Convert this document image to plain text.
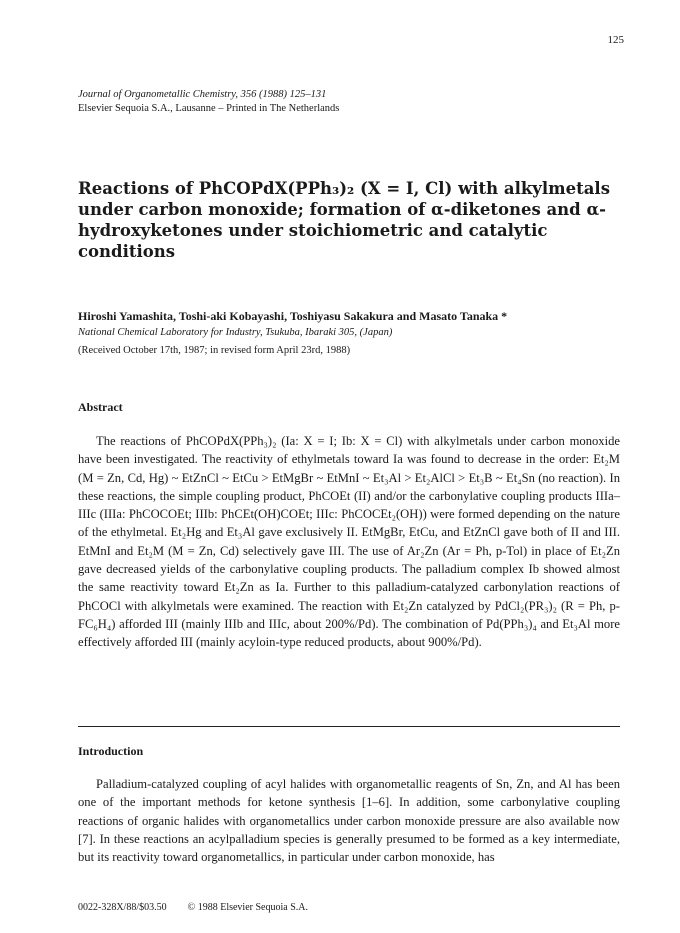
125
Journal of Organometallic Chemistry, 356 (1988) 125–131
Elsevier Sequoia S.A., Lausanne – Printed in The Netherlands
Reactions of PhCOPdX(PPh₃)₂ (X = I, Cl) with alkylmetals under carbon monoxide; formation of α-diketones and α-hydroxyketones under stoichiometric and catalytic conditions
Hiroshi Yamashita, Toshi-aki Kobayashi, Toshiyasu Sakakura and Masato Tanaka *
National Chemical Laboratory for Industry, Tsukuba, Ibaraki 305, (Japan)
(Received October 17th, 1987; in revised form April 23rd, 1988)
Abstract

The reactions of PhCOPdX(PPh₃)₂ (Ia: X = I; Ib: X = Cl) with alkylmetals under carbon monoxide have been investigated. The reactivity of ethylmetals toward Ia was found to decrease in the order: Et₂M (M = Zn, Cd, Hg) ~ EtZnCl ~ EtCu > EtMgBr ~ EtMnI ~ Et₃Al > Et₂AlCl > Et₃B ~ Et₄Sn (no reaction). In these reactions, the simple coupling product, PhCOEt (II) and/or the carbonylative coupling products IIIa–IIIc (IIIa: PhCOCOEt; IIIb: PhCEt(OH)COEt; IIIc: PhCOCEt₂(OH)) were formed depending on the nature of the ethylmetal. Et₂Hg and Et₃Al gave exclusively II. EtMgBr, EtCu, and EtZnCl gave both of II and III. EtMnI and Et₂M (M = Zn, Cd) selectively gave III. The use of Ar₂Zn (Ar = Ph, p-Tol) in place of Et₂Zn gave decreased yields of the carbonylative coupling products. The palladium complex Ib showed almost the same reactivity toward Et₂Zn as Ia. Further to this palladium-catalyzed carbonylation reactions of PhCOCl with alkylmetals were examined. The reaction with Et₂Zn catalyzed by PdCl₂(PR₃)₂ (R = Ph, p-FC₆H₄) afforded III (mainly IIIb and IIIc, about 200%/Pd). The combination of Pd(PPh₃)₄ and Et₃Al more effectively afforded III (mainly acyloin-type reduced products, about 900%/Pd).

Introduction

Palladium-catalyzed coupling of acyl halides with organometallic reagents of Sn, Zn, and Al has been one of the important methods for ketone synthesis [1–6]. In addition, some carbonylative coupling reactions of organic halides with organometallics under carbon monoxide pressure are also available now [7]. In these reactions an acylpalladium species is generally presumed to be formed as a key intermediate, but its reactivity toward organometallics, in particular under carbon monoxide, has

0022-328X/88/$03.50 © 1988 Elsevier Sequoia S.A.
